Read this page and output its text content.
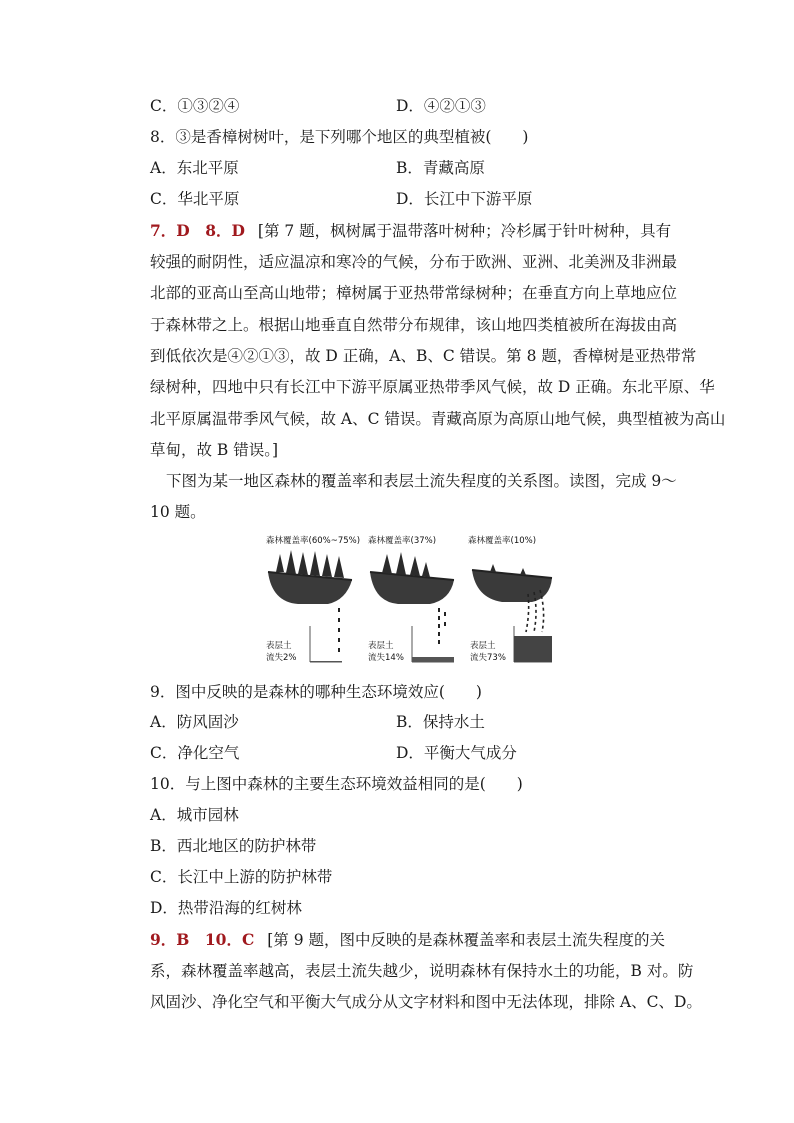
C．①③②④	D．④②①③
8．③是香樟树树叶，是下列哪个地区的典型植被(　　)
A．东北平原	B．青藏高原
C．华北平原	D．长江中下游平原
7．D　8．D [第 7 题，枫树属于温带落叶树种；冷杉属于针叶树种，具有
较强的耐阴性，适应温凉和寒冷的气候，分布于欧洲、亚洲、北美洲及非洲最
北部的亚高山至高山地带；樟树属于亚热带常绿树种；在垂直方向上草地应位
于森林带之上。根据山地垂直自然带分布规律，该山地四类植被所在海拔由高
到低依次是④②①③，故 D 正确，A、B、C 错误。第 8 题，香樟树是亚热带常
绿树种，四地中只有长江中下游平原属亚热带季风气候，故 D 正确。东北平原、华
北平原属温带季风气候，故 A、C 错误。青藏高原为高原山地气候，典型植被为高山
草甸，故 B 错误。]
下图为某一地区森林的覆盖率和表层土流失程度的关系图。读图，完成 9～
10 题。
森林覆盖率(60%~75%)
表层土
流失2%
森林覆盖率(37%)
表层土
流失14%
森林覆盖率(10%)
表层土
流失73%
9．图中反映的是森林的哪种生态环境效应(　　)
A．防风固沙	B．保持水土
C．净化空气	D．平衡大气成分
10．与上图中森林的主要生态环境效益相同的是(　　)
A．城市园林
B．西北地区的防护林带
C．长江中上游的防护林带
D．热带沿海的红树林
9．B　10．C [第 9 题，图中反映的是森林覆盖率和表层土流失程度的关
系，森林覆盖率越高，表层土流失越少，说明森林有保持水土的功能，B 对。防
风固沙、净化空气和平衡大气成分从文字材料和图中无法体现，排除 A、C、D。
